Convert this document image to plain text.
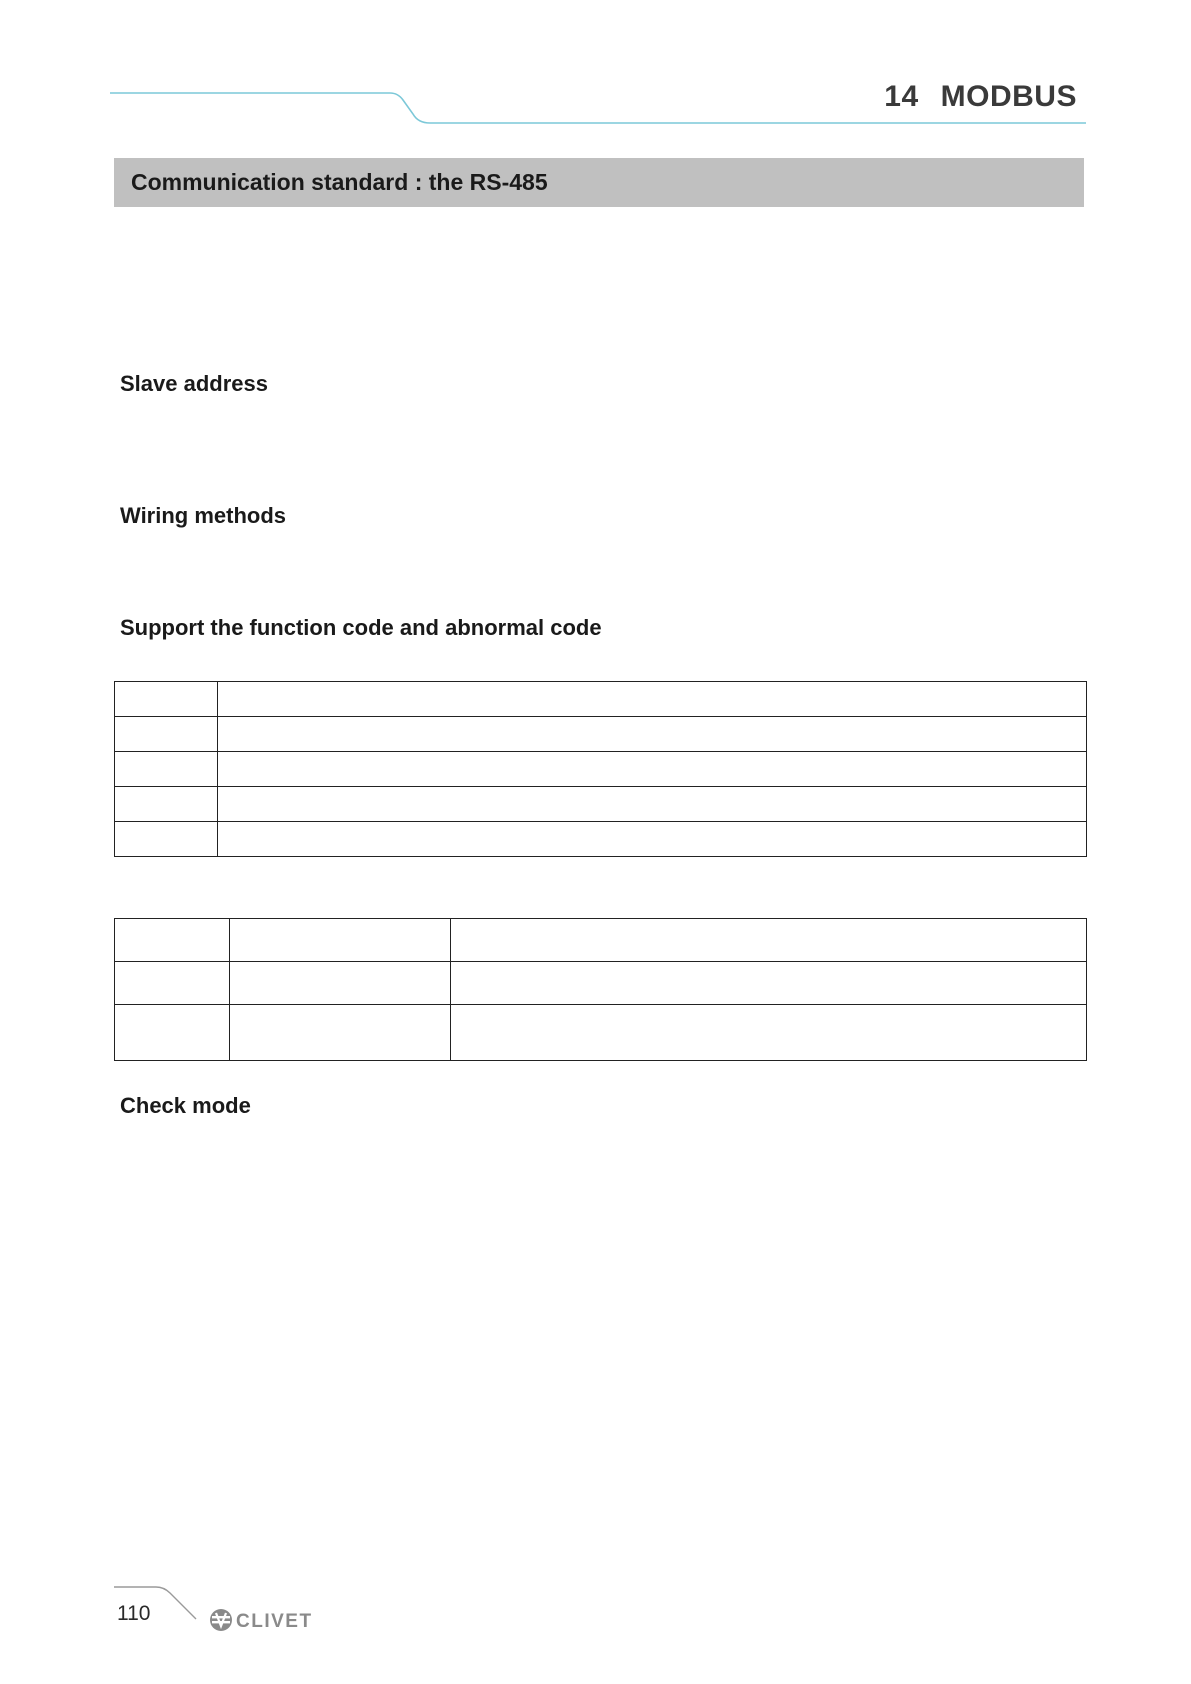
14 MODBUS
Communication standard : the RS-485
Slave address
Wiring methods
Support the function code and abnormal code

Check mode
110	CLIVET
